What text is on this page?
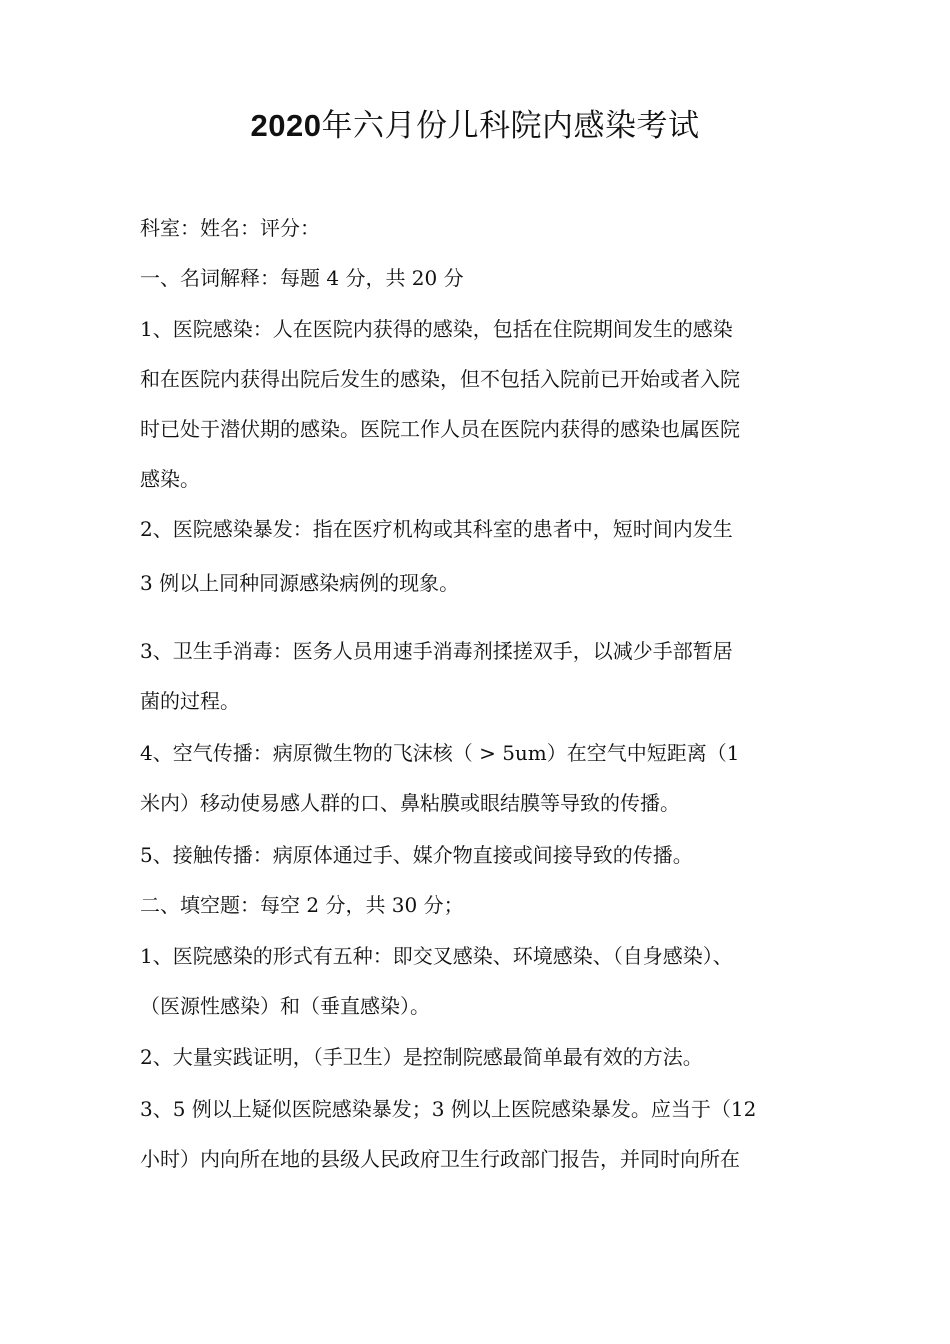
2020年六月份儿科院内感染考试

科室：姓名：评分：

一、名词解释：每题 4 分，共 20 分

1、医院感染：人在医院内获得的感染，包括在住院期间发生的感染

和在医院内获得出院后发生的感染，但不包括入院前已开始或者入院

时已处于潜伏期的感染。医院工作人员在医院内获得的感染也属医院

感染。

2、医院感染暴发：指在医疗机构或其科室的患者中，短时间内发生

3 例以上同种同源感染病例的现象。

3、卫生手消毒：医务人员用速手消毒剂揉搓双手，以减少手部暂居

菌的过程。

4、空气传播：病原微生物的飞沫核（ > 5um）在空气中短距离（1

米内）移动使易感人群的口、鼻粘膜或眼结膜等导致的传播。

5、接触传播：病原体通过手、媒介物直接或间接导致的传播。

二、填空题：每空 2 分，共 30 分；

1、医院感染的形式有五种：即交叉感染、环境感染、（自身感染）、

（医源性感染）和（垂直感染）。

2、大量实践证明，（手卫生）是控制院感最简单最有效的方法。

3、5 例以上疑似医院感染暴发；3 例以上医院感染暴发。应当于（12

小时）内向所在地的县级人民政府卫生行政部门报告，并同时向所在
